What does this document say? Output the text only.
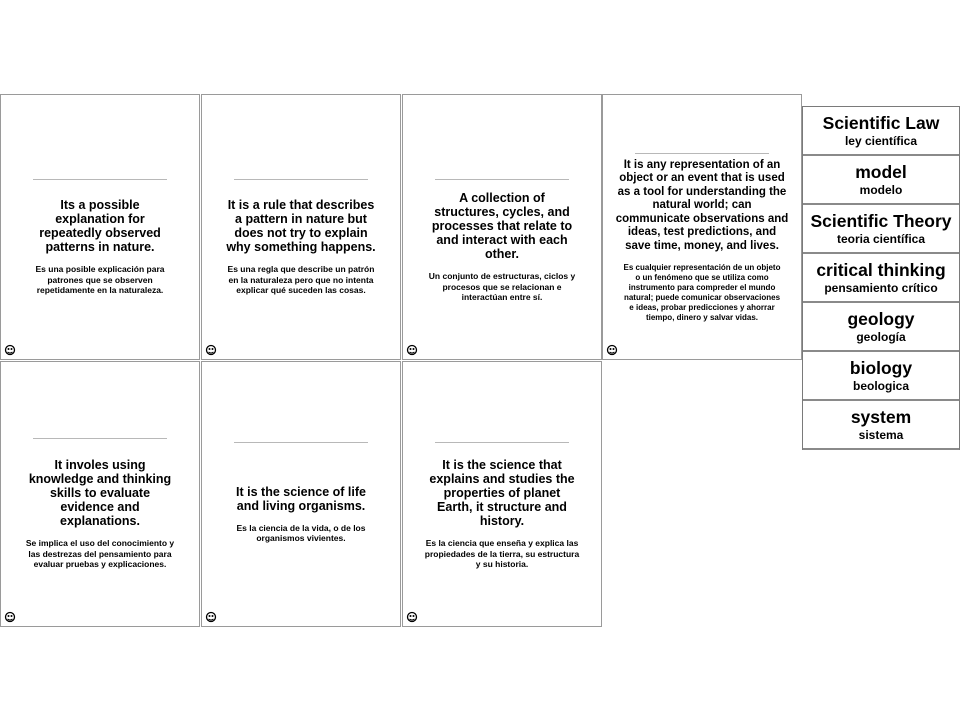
Its a possible explanation for repeatedly observed patterns in nature.
Es una posible explicación para patrones que se observen repetidamente en la naturaleza.
It is a rule that describes a pattern in nature but does not try to explain why something happens.
Es una regla que describe un patrón en la naturaleza pero que no intenta explicar qué suceden las cosas.
A collection of structures, cycles, and processes that relate to and interact with each other.
Un conjunto de estructuras, ciclos y procesos que se relacionan e interactúan entre sí.
It is any representation of an object or an event that is used as a tool for understanding the natural world; can communicate observations and ideas, test predictions, and save time, money, and lives.
Es cualquier representación de un objeto o un fenómeno que se utiliza como instrumento para compreder el mundo natural; puede comunicar observaciones e ideas, probar predicciones y ahorrar tiempo, dinero y salvar vidas.
It involes using knowledge and thinking skills to evaluate evidence and explanations.
Se implica el uso del conocimiento y las destrezas del pensamiento para evaluar pruebas y explicaciones.
It is the science of life and living organisms.
Es la ciencia de la vida, o de los organismos vivientes.
It is the science that explains and studies the properties of planet Earth, it structure and history.
Es la ciencia que enseña y explica las propiedades de la tierra, su estructura y su historia.
Scientific Law
ley científica
model
modelo
Scientific Theory
teoria científica
critical thinking
pensamiento crítico
geology
geología
biology
beologica
system
sistema
